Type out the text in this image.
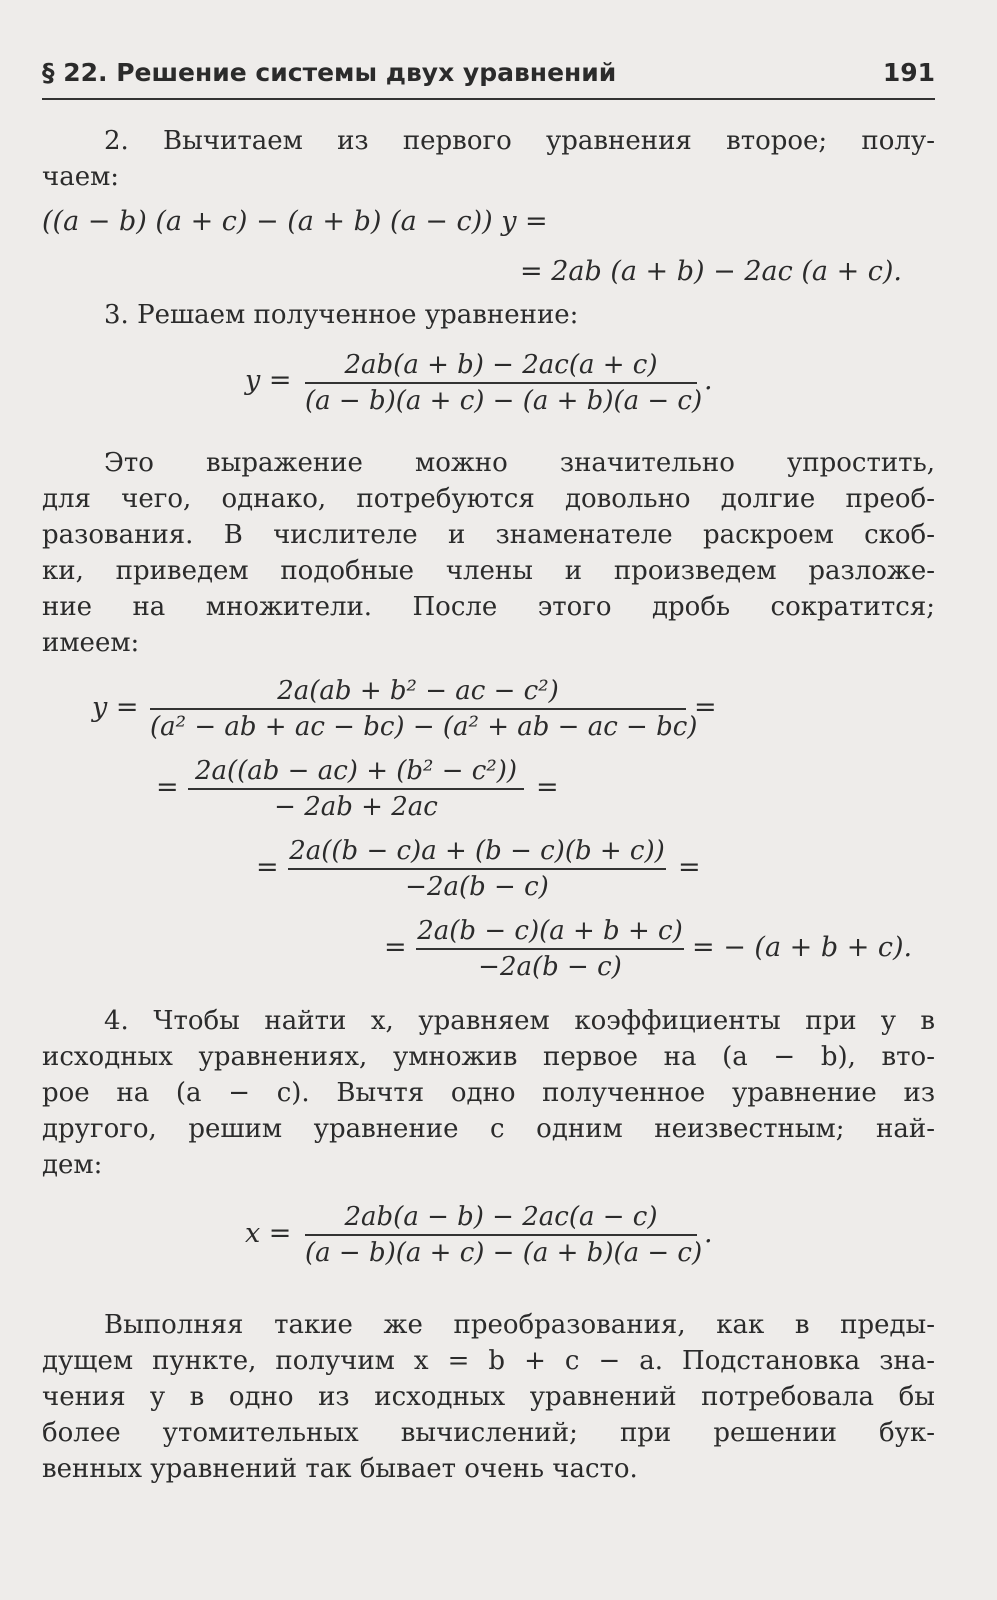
§ 22. Решение системы двух уравнений	191
2. Вычитаем из первого уравнения второе; полу-
чаем:
((a − b) (a + c) − (a + b) (a − c)) y =
= 2ab (a + b) − 2ac (a + c).
3. Решаем полученное уравнение:
$y = \frac{2ab(a + b) - 2ac(a + c)}{(a - b)(a + c) - (a + b)(a - c)}$ .
Это выражение можно значительно упростить,
для чего, однако, потребуются довольно долгие преоб-
разования. В числителе и знаменателе раскроем скоб-
ки, приведем подобные члены и произведем разложе-
ние на множители. После этого дробь сократится;
имеем:
$y = \frac{\text{2a(ab + b² − ac − c²)}}{\text{(a² − ab + ac − bc) − (a² + ab − ac − bc)}}$ =
= $\frac{\text{2a((ab − ac) + (b² − c²))}}{- 2ab + 2ac}$ =
= $\frac{2a((b - c)a + (b - c)(b + c))}{-2a(b - c)}$ =
= $\frac{2a(b - c)(a + b + c)}{-2a(b - c)}$ = − (a + b + c).
4. Чтобы найти x, уравняем коэффициенты при y в
исходных уравнениях, умножив первое на (a − b), вто-
рое на (a − c). Вычтя одно полученное уравнение из
другого, решим уравнение с одним неизвестным; най-
дем:
$x = \frac{2ab(a - b) - 2ac(a - c)}{(a - b)(a + c) - (a + b)(a - c)}$ .
Выполняя такие же преобразования, как в преды-
дущем пункте, получим x = b + c − a. Подстановка зна-
чения y в одно из исходных уравнений потребовала бы
более утомительных вычислений; при решении бук-
венных уравнений так бывает очень часто.
